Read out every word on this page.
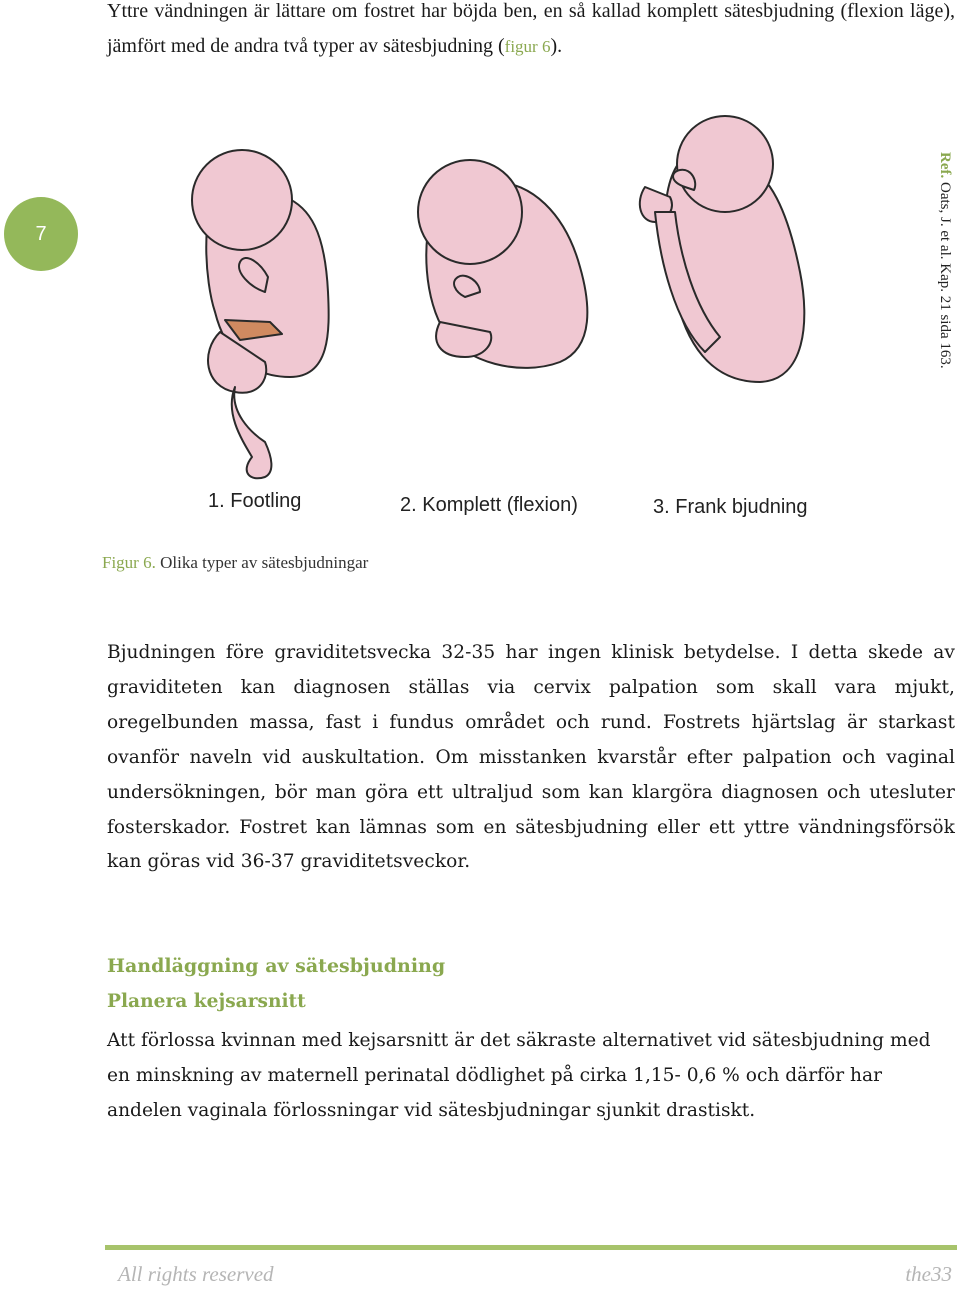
Yttre vändningen är lättare om fostret har böjda ben, en så kallad komplett sätesbjudning (flexion läge), jämfört med de andra två typer av sätesbjudning (figur 6).

7
Ref. Oats, J. et al. Kap. 21 sida 163.
1. Footling	2. Komplett (flexion)	3. Frank bjudning
Figur 6. Olika typer av sätesbjudningar

Bjudningen före graviditetsvecka 32-35 har ingen klinisk betydelse. I detta skede av graviditeten kan diagnosen ställas via cervix palpation som skall vara mjukt, oregelbunden massa, fast i fundus området och rund. Fostrets hjärtslag är starkast ovanför naveln vid auskultation. Om misstanken kvarstår efter palpation och vaginal undersökningen, bör man göra ett ultraljud som kan klargöra diagnosen och utesluter fosterskador. Fostret kan lämnas som en sätesbjudning eller ett yttre vändningsförsök kan göras vid 36-37 graviditetsveckor.

Handläggning av sätesbjudning
Planera kejsarsnitt

Att förlossa kvinnan med kejsarsnitt är det säkraste alternativet vid sätesbjudning med en minskning av maternell perinatal dödlighet på cirka 1,15- 0,6 % och därför har andelen vaginala förlossningar vid sätesbjudningar sjunkit drastiskt.

All rights reserved	the33
